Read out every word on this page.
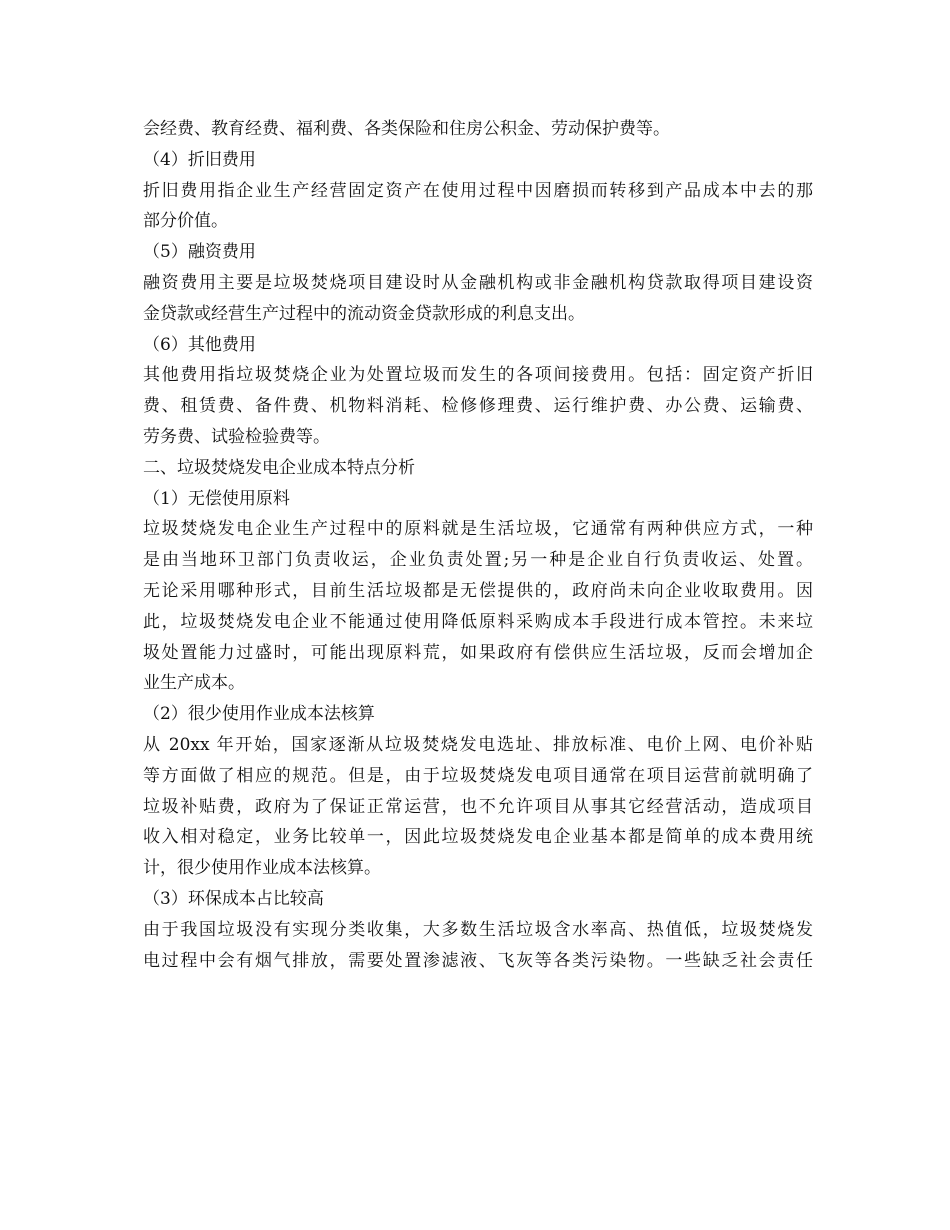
会经费、教育经费、福利费、各类保险和住房公积金、劳动保护费等。
（4）折旧费用
折旧费用指企业生产经营固定资产在使用过程中因磨损而转移到产品成本中去的那
部分价值。
（5）融资费用
融资费用主要是垃圾焚烧项目建设时从金融机构或非金融机构贷款取得项目建设资
金贷款或经营生产过程中的流动资金贷款形成的利息支出。
（6）其他费用
其他费用指垃圾焚烧企业为处置垃圾而发生的各项间接费用。包括：固定资产折旧
费、租赁费、备件费、机物料消耗、检修修理费、运行维护费、办公费、运输费、
劳务费、试验检验费等。
二、垃圾焚烧发电企业成本特点分析
（1）无偿使用原料
垃圾焚烧发电企业生产过程中的原料就是生活垃圾，它通常有两种供应方式，一种
是由当地环卫部门负责收运，企业负责处置;另一种是企业自行负责收运、处置。
无论采用哪种形式，目前生活垃圾都是无偿提供的，政府尚未向企业收取费用。因
此，垃圾焚烧发电企业不能通过使用降低原料采购成本手段进行成本管控。未来垃
圾处置能力过盛时，可能出现原料荒，如果政府有偿供应生活垃圾，反而会增加企
业生产成本。
（2）很少使用作业成本法核算
从 20xx 年开始，国家逐渐从垃圾焚烧发电选址、排放标准、电价上网、电价补贴
等方面做了相应的规范。但是，由于垃圾焚烧发电项目通常在项目运营前就明确了
垃圾补贴费，政府为了保证正常运营，也不允许项目从事其它经营活动，造成项目
收入相对稳定，业务比较单一，因此垃圾焚烧发电企业基本都是简单的成本费用统
计，很少使用作业成本法核算。
（3）环保成本占比较高
由于我国垃圾没有实现分类收集，大多数生活垃圾含水率高、热值低，垃圾焚烧发
电过程中会有烟气排放，需要处置渗滤液、飞灰等各类污染物。一些缺乏社会责任
